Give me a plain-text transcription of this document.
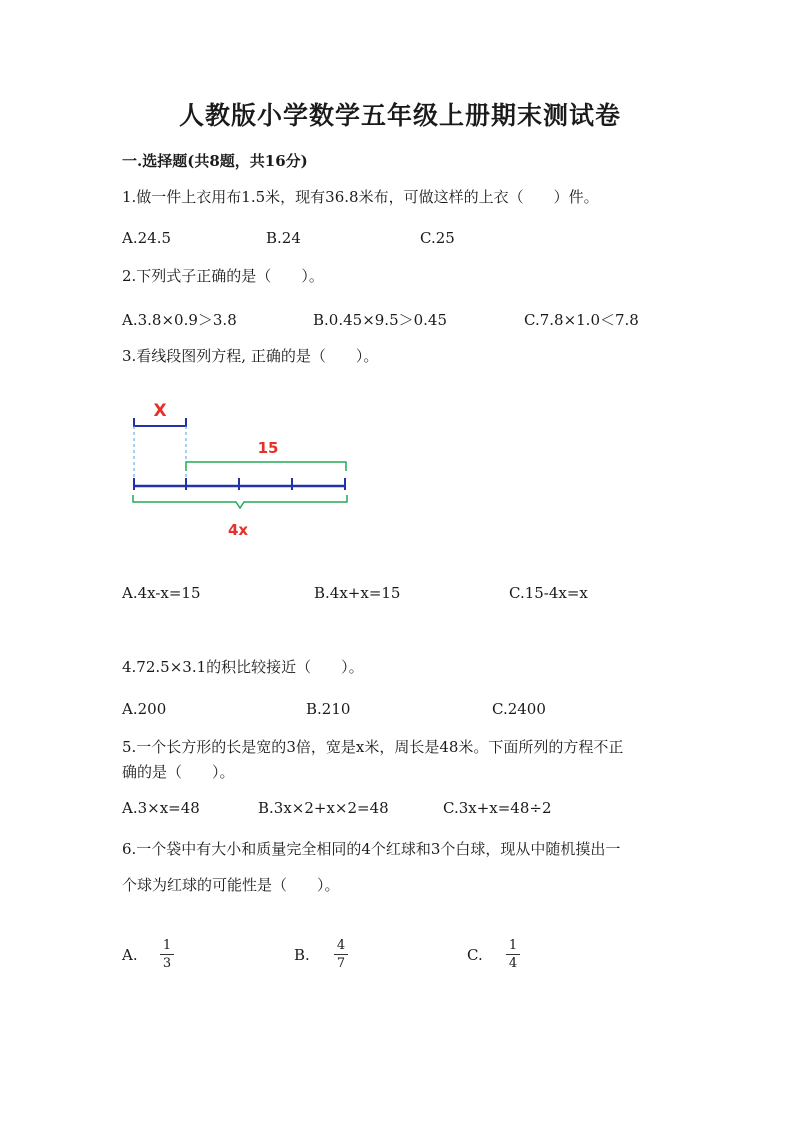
人教版小学数学五年级上册期末测试卷
一.选择题(共8题，共16分)
1.做一件上衣用布1.5米，现有36.8米布，可做这样的上衣（　　）件。
A.24.5	B.24	C.25
2.下列式子正确的是（　　）。
A.3.8×0.9＞3.8	B.0.45×9.5＞0.45	C.7.8×1.0＜7.8
3.看线段图列方程, 正确的是（　　）。
X
15
4x
A.4x-x=15	B.4x+x=15	C.15-4x=x
4.72.5×3.1的积比较接近（　　）。
A.200	B.210	C.2400
5.一个长方形的长是宽的3倍，宽是x米，周长是48米。下面所列的方程不正
确的是（　　）。
A.3×x=48	B.3x×2+x×2=48	C.3x+x=48÷2
6.一个袋中有大小和质量完全相同的4个红球和3个白球，现从中随机摸出一
个球为红球的可能性是（　　）。
A.
1
3	B.
4
7	C.
1
4
